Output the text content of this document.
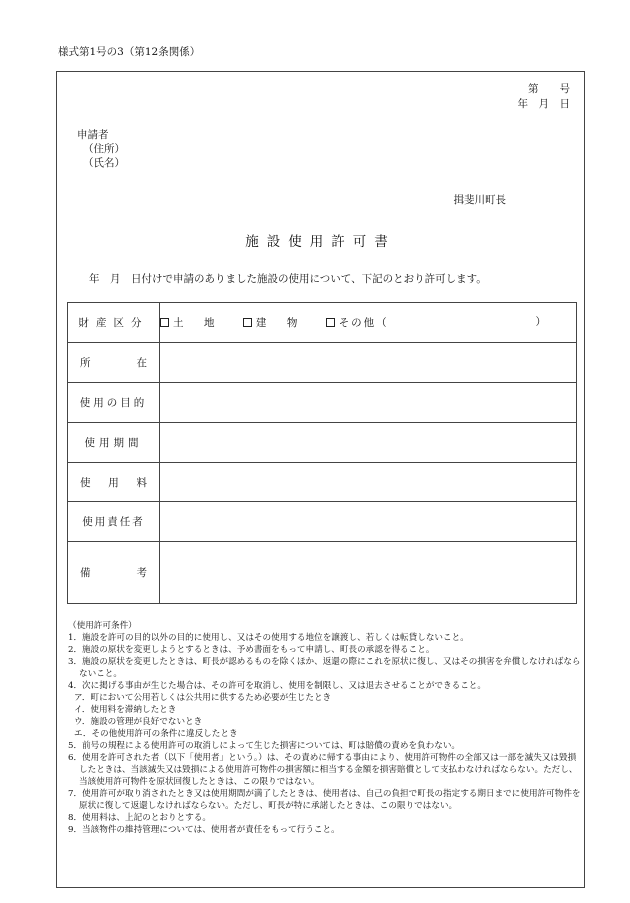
様式第1号の3（第12条関係）
第　　号
年　月　日
申請者
（住所）
（氏名）
揖斐川町長
施設使用許可書
年　月　日付けで申請のありました施設の使用について、下記のとおり許可します。
財産区分	土　地 建　物 その他（ ）

所 在	

使用の目的	
使用期間	

使 料
用	
使用責任者	

備 考	

（使用許可条件）

1．施設を許可の目的以外の目的に使用し、又はその使用する地位を譲渡し、若しくは転貸しないこと。

2．施設の原状を変更しようとするときは、予め書面をもって申請し、町長の承認を得ること。

3．施設の原状を変更したときは、町長が認めるものを除くほか、返還の際にこれを原状に復し、又はその損害を弁償しなければならないこと。

4．次に掲げる事由が生じた場合は、その許可を取消し、使用を制限し、又は退去させることができること。

ア．町において公用若しくは公共用に供するため必要が生じたとき

イ．使用料を滞納したとき

ウ．施設の管理が良好でないとき

エ．その他使用許可の条件に違反したとき

5．前号の規程による使用許可の取消しによって生じた損害については、町は賠償の責めを負わない。

6．使用を許可された者（以下「使用者」という。）は、その責めに帰する事由により、使用許可物件の全部又は一部を滅失又は毀損したときは、当該滅失又は毀損による使用許可物件の損害額に相当する金額を損害賠償として支払わなければならない。ただし、当該使用許可物件を原状回復したときは、この限りではない。

7．使用許可が取り消されたとき又は使用期間が満了したときは、使用者は、自己の負担で町長の指定する期日までに使用許可物件を原状に復して返還しなければならない。ただし、町長が特に承諾したときは、この限りではない。

8．使用料は、上記のとおりとする。

9．当該物件の維持管理については、使用者が責任をもって行うこと。
